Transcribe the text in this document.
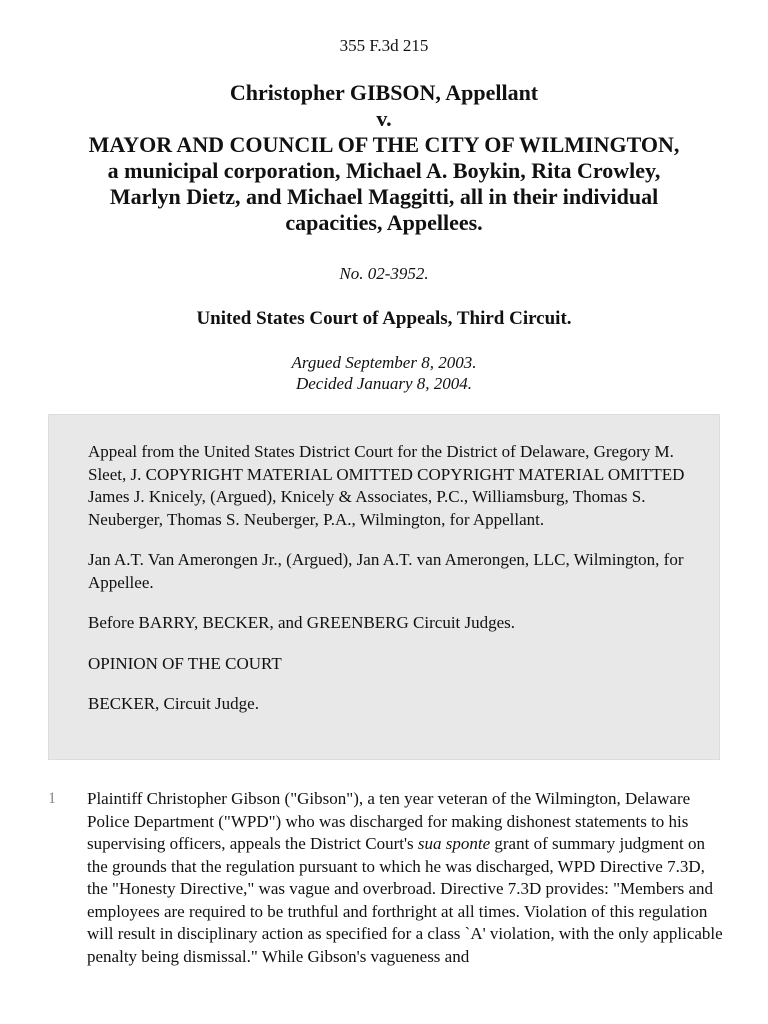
355 F.3d 215
Christopher GIBSON, Appellant
v.
MAYOR AND COUNCIL OF THE CITY OF WILMINGTON,
a municipal corporation, Michael A. Boykin, Rita Crowley,
Marlyn Dietz, and Michael Maggitti, all in their individual
capacities, Appellees.
No. 02-3952.
United States Court of Appeals, Third Circuit.
Argued September 8, 2003.
Decided January 8, 2004.

Appeal from the United States District Court for the District of Delaware, Gregory M. Sleet, J. COPYRIGHT MATERIAL OMITTED COPYRIGHT MATERIAL OMITTED James J. Knicely, (Argued), Knicely & Associates, P.C., Williamsburg, Thomas S. Neuberger, Thomas S. Neuberger, P.A., Wilmington, for Appellant.

Jan A.T. Van Amerongen Jr., (Argued), Jan A.T. van Amerongen, LLC, Wilmington, for Appellee.

Before BARRY, BECKER, and GREENBERG Circuit Judges.

OPINION OF THE COURT

BECKER, Circuit Judge.

1 Plaintiff Christopher Gibson ("Gibson"), a ten year veteran of the Wilmington, Delaware Police Department ("WPD") who was discharged for making dishonest statements to his supervising officers, appeals the District Court's sua sponte grant of summary judgment on the grounds that the regulation pursuant to which he was discharged, WPD Directive 7.3D, the "Honesty Directive," was vague and overbroad. Directive 7.3D provides: "Members and employees are required to be truthful and forthright at all times. Violation of this regulation will result in disciplinary action as specified for a class `A' violation, with the only applicable penalty being dismissal." While Gibson's vagueness and
